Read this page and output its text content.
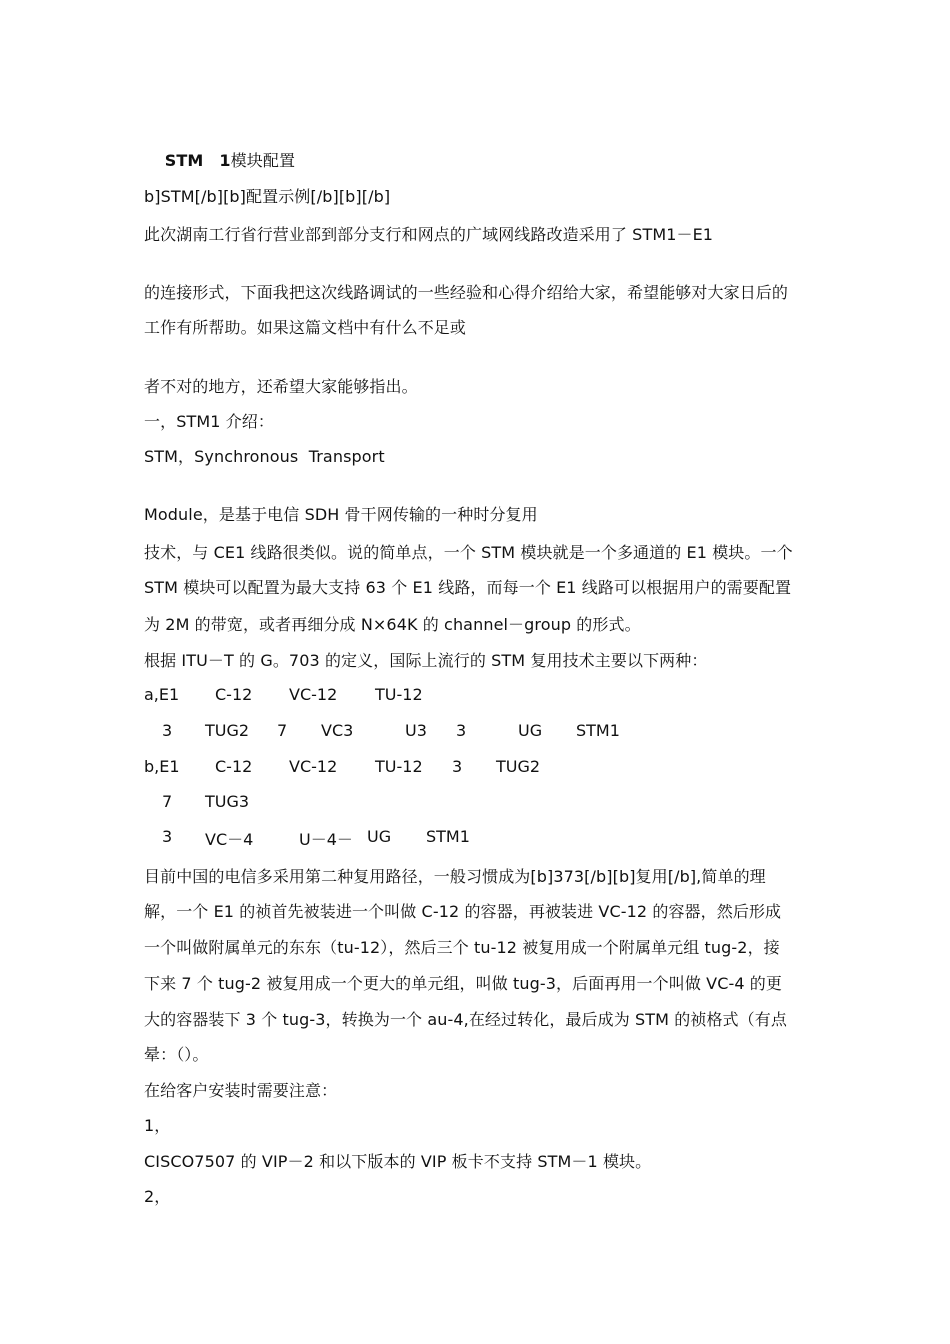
STM 1模块配置

b]STM[/b][b]配置示例[/b][b][/b]
此次湖南工行省行营业部到部分支行和网点的广域网线路改造采用了 STM1－E1
的连接形式，下面我把这次线路调试的一些经验和心得介绍给大家，希望能够对大家日后的
工作有所帮助。如果这篇文档中有什么不足或
者不对的地方，还希望大家能够指出。
一，STM1 介绍：
STM，Synchronous  Transport
Module，是基于电信 SDH 骨干网传输的一种时分复用
技术，与 CE1 线路很类似。说的简单点，一个 STM 模块就是一个多通道的 E1 模块。一个
STM 模块可以配置为最大支持 63 个 E1 线路，而每一个 E1 线路可以根据用户的需要配置
为 2M 的带宽，或者再细分成 N×64K 的 channel－group 的形式。
根据 ITU－T 的 G。703 的定义，国际上流行的 STM 复用技术主要以下两种：
a,E1 C-12 VC-12 TU-12
3 TUG2 7 VC3	U3 3	UG STM1
b,E1 C-12 VC-12 TU-12 3 TUG2
7 TUG3
3 VC－4	U－4－ UG STM1
目前中国的电信多采用第二种复用路径，一般习惯成为[b]373[/b][b]复用[/b],简单的理
解，一个 E1 的祯首先被装进一个叫做 C-12 的容器，再被装进 VC-12 的容器，然后形成
一个叫做附属单元的东东（tu-12），然后三个 tu-12 被复用成一个附属单元组 tug-2，接
下来 7 个 tug-2 被复用成一个更大的单元组，叫做 tug-3，后面再用一个叫做 VC-4 的更
大的容器装下 3 个 tug-3，转换为一个 au-4,在经过转化，最后成为 STM 的祯格式（有点
晕：（）。
在给客户安装时需要注意：
1，
CISCO7507 的 VIP－2 和以下版本的 VIP 板卡不支持 STM－1 模块。
2，
